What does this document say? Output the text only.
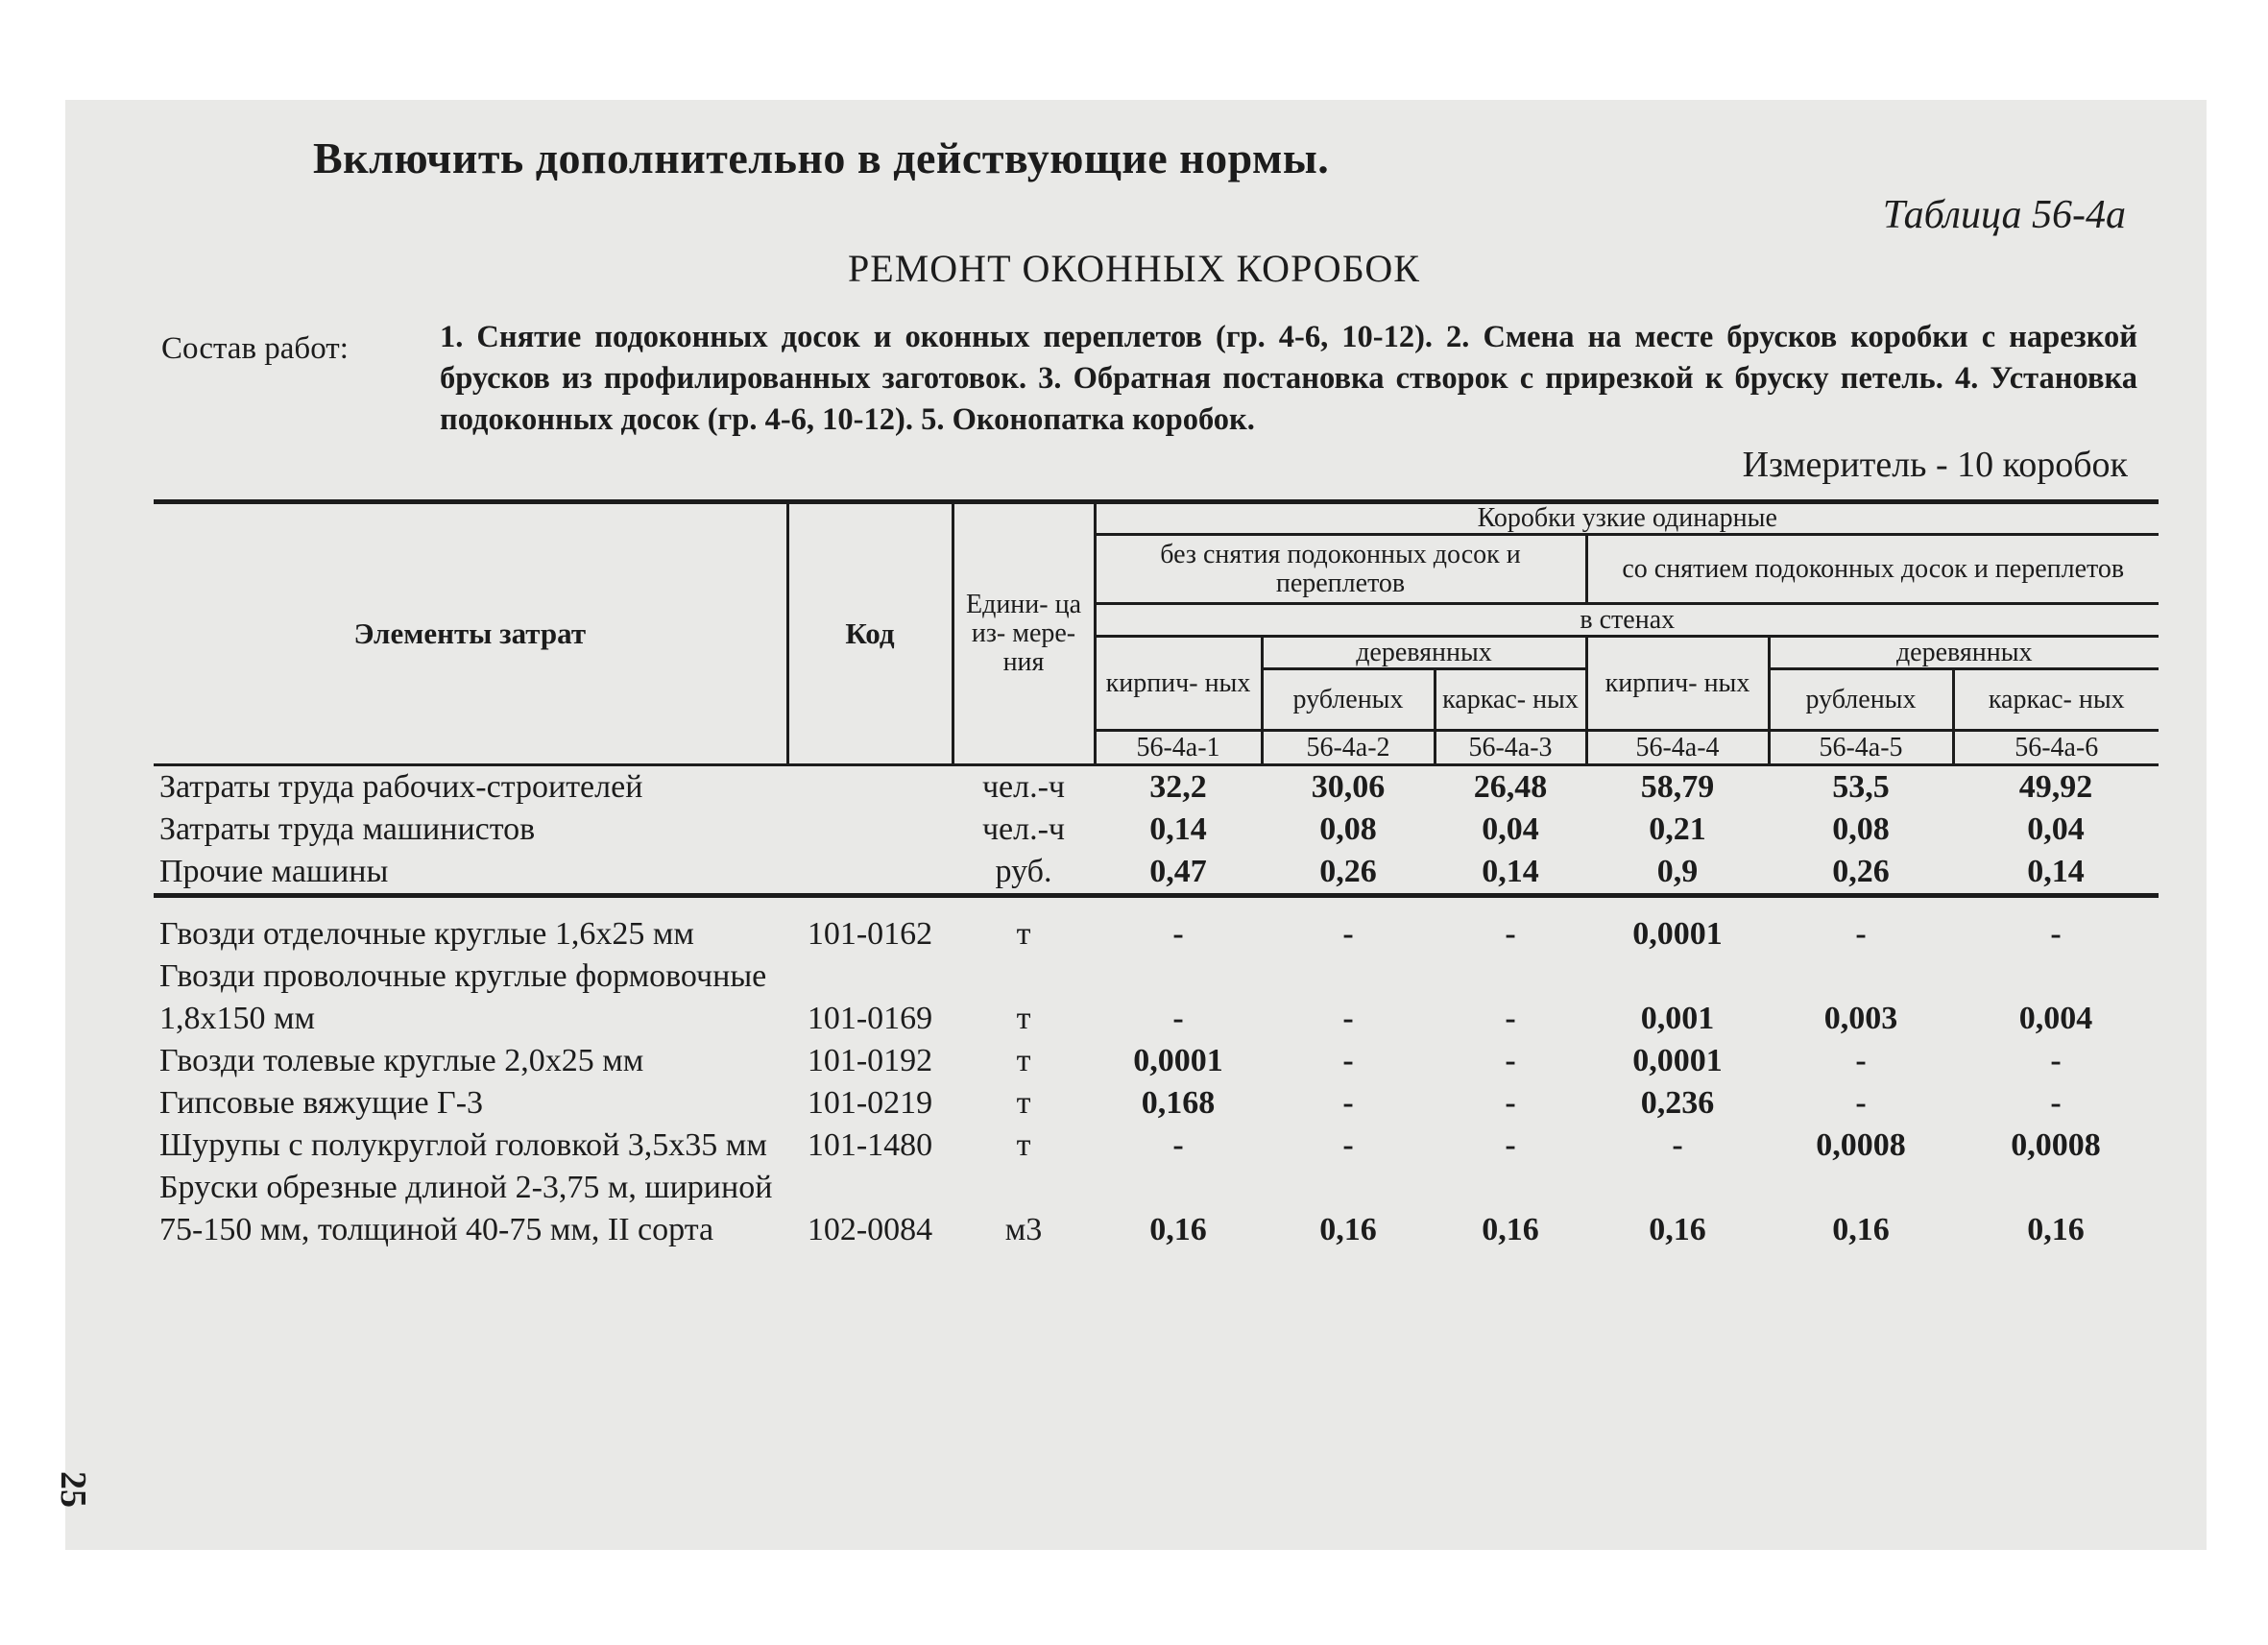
Включить дополнительно в действующие нормы.
Таблица 56-4а
РЕМОНТ ОКОННЫХ КОРОБОК
Состав работ:	1. Снятие подоконных досок и оконных переплетов (гр. 4-6, 10-12). 2. Смена на месте брусков коробки с нарезкой брусков из профилированных заготовок. 3. Обратная постановка створок с прирезкой к бруску петель. 4. Установка подоконных досок (гр. 4-6, 10-12). 5. Оконопатка коробок.
Измеритель - 10 коробок
25
Элементы затрат	Код	Едини- ца из- мере- ния	Коробки узкие одинарные					
			без снятия подоконных досок и переплетов			со снятием подоконных досок и переплетов		
			в стенах					
			кирпич- ных	деревянных		кирпич- ных	деревянных	
				рубленых	каркас- ных		рубленых	каркас- ных
			56-4а-1	56-4а-2	56-4а-3	56-4а-4	56-4а-5	56-4а-6
Затраты труда рабочих-строителей		чел.-ч	32,2	30,06	26,48	58,79	53,5	49,92
Затраты труда машинистов		чел.-ч	0,14	0,08	0,04	0,21	0,08	0,04
Прочие машины		руб.	0,47	0,26	0,14	0,9	0,26	0,14
Гвозди отделочные круглые 1,6х25 мм	101-0162	т	-	-	-	0,0001	-	-
Гвозди проволочные круглые формовочные 1,8х150 мм	101-0169	т	-	-	-	0,001	0,003	0,004
Гвозди толевые круглые 2,0х25 мм	101-0192	т	0,0001	-	-	0,0001	-	-
Гипсовые вяжущие Г-3	101-0219	т	0,168	-	-	0,236	-	-
Шурупы с полукруглой головкой 3,5х35 мм	101-1480	т	-	-	-	-	0,0008	0,0008
Бруски обрезные длиной 2-3,75 м, шириной 75-150 мм, толщиной 40-75 мм, II сорта	102-0084	м3	0,16	0,16	0,16	0,16	0,16	0,16
